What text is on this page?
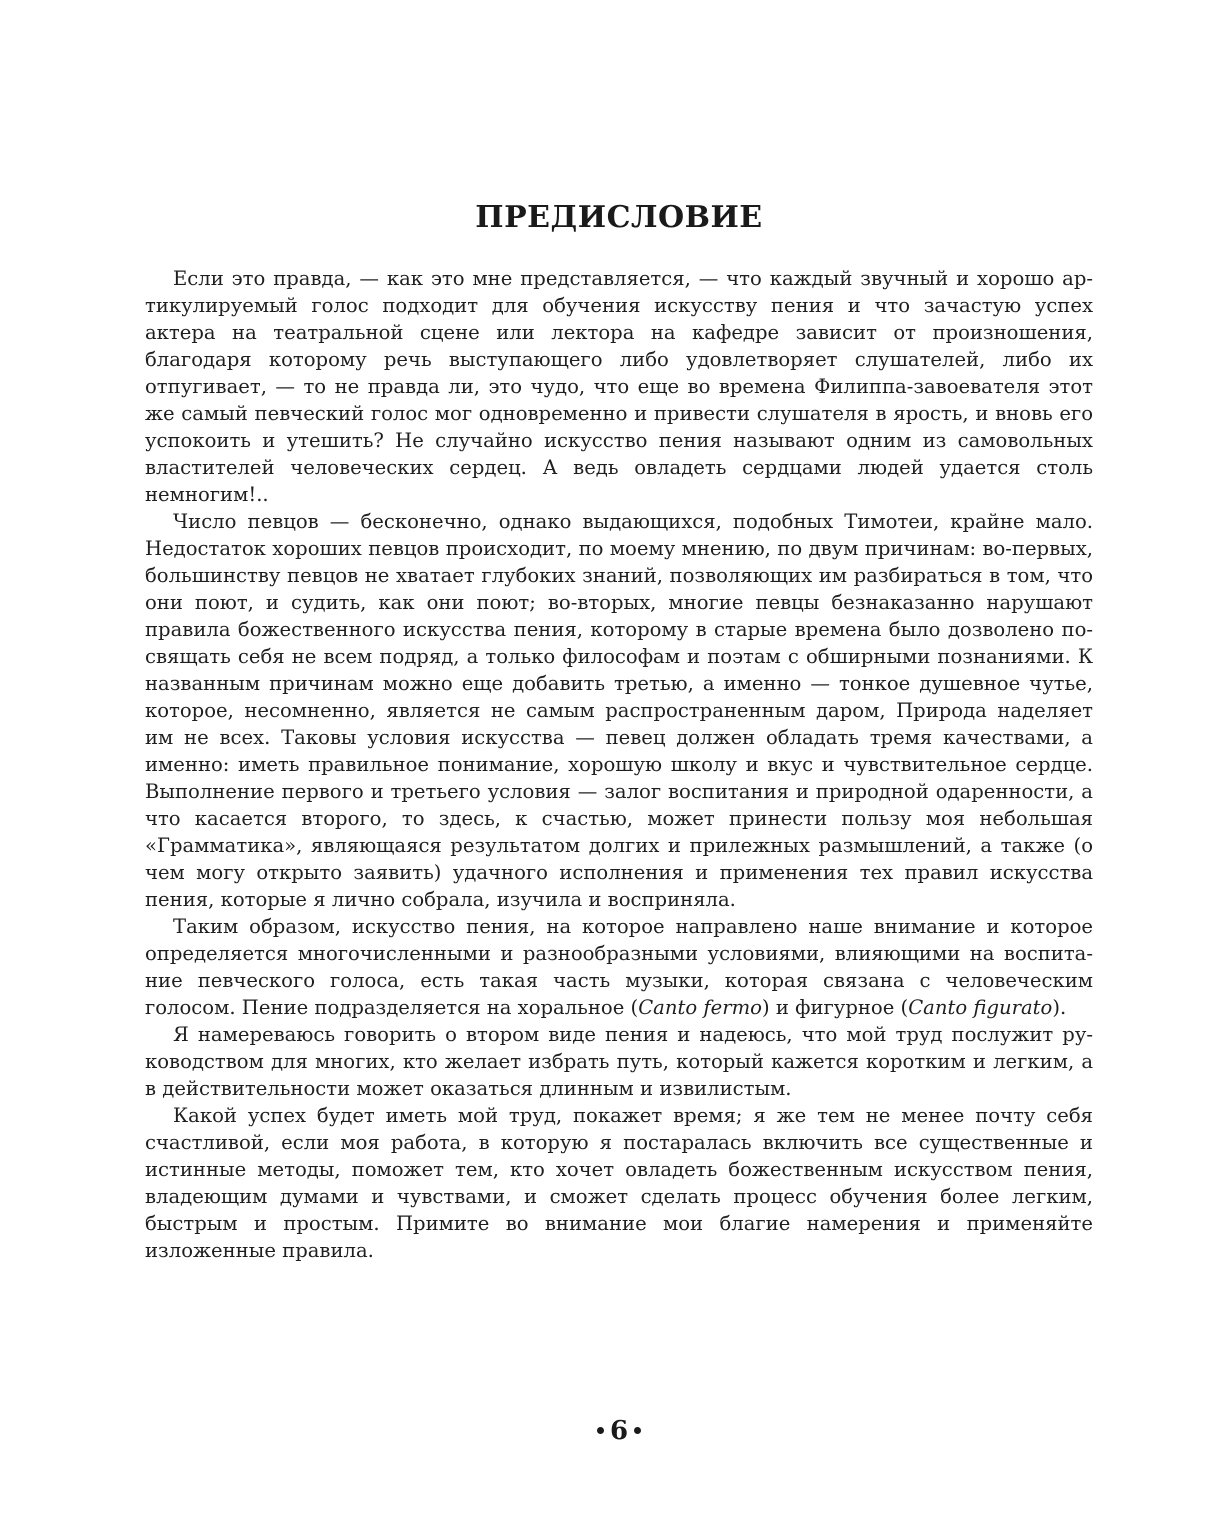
ПРЕДИСЛОВИЕ

Если это правда, — как это мне представляется, — что каждый звучный и хорошо артикулируемый голос подходит для обучения искусству пения и что зачастую успех актера на театральной сцене или лектора на кафедре зависит от произношения, благодаря которому речь выступающего либо удовлетворяет слушателей, либо их отпугивает, — то не правда ли, это чудо, что еще во времена Филиппа-завоевателя этот же самый певческий голос мог одновременно и привести слушателя в ярость, и вновь его успокоить и утешить? Не случайно искусство пения называют одним из самовольных властителей человеческих сердец. А ведь овладеть сердцами людей удается столь немногим!..

Число певцов — бесконечно, однако выдающихся, подобных Тимотеи, крайне мало. Недостаток хороших певцов происходит, по моему мнению, по двум причинам: во-первых, большинству певцов не хватает глубоких знаний, позволяющих им разбираться в том, что они поют, и судить, как они поют; во-вторых, многие певцы безнаказанно нарушают правила божественного искусства пения, которому в старые времена было дозволено посвящать себя не всем подряд, а только философам и поэтам с обширными познаниями. К названным причинам можно еще добавить третью, а именно — тонкое душевное чутье, которое, несомненно, является не самым распространенным даром, Природа наделяет им не всех. Таковы условия искусства — певец должен обладать тремя качествами, а именно: иметь правильное понимание, хорошую школу и вкус и чувствительное сердце. Выполнение первого и третьего условия — залог воспитания и природной одаренности, а что касается второго, то здесь, к счастью, может принести пользу моя небольшая «Грамматика», являющаяся результатом долгих и прилежных размышлений, а также (о чем могу открыто заявить) удачного исполнения и применения тех правил искусства пения, которые я лично собрала, изучила и восприняла.

Таким образом, искусство пения, на которое направлено наше внимание и которое определяется многочисленными и разнообразными условиями, влияющими на воспитание певческого голоса, есть такая часть музыки, которая связана с человеческим голосом. Пение подразделяется на хоральное (Canto fermo) и фигурное (Canto figurato).

Я намереваюсь говорить о втором виде пения и надеюсь, что мой труд послужит руководством для многих, кто желает избрать путь, который кажется коротким и легким, а в действительности может оказаться длинным и извилистым.

Какой успех будет иметь мой труд, покажет время; я же тем не менее почту себя счастливой, если моя работа, в которую я постаралась включить все существенные и истинные методы, поможет тем, кто хочет овладеть божественным искусством пения, владеющим думами и чувствами, и сможет сделать процесс обучения более легким, быстрым и простым. Примите во внимание мои благие намерения и применяйте изложенные правила.

6
